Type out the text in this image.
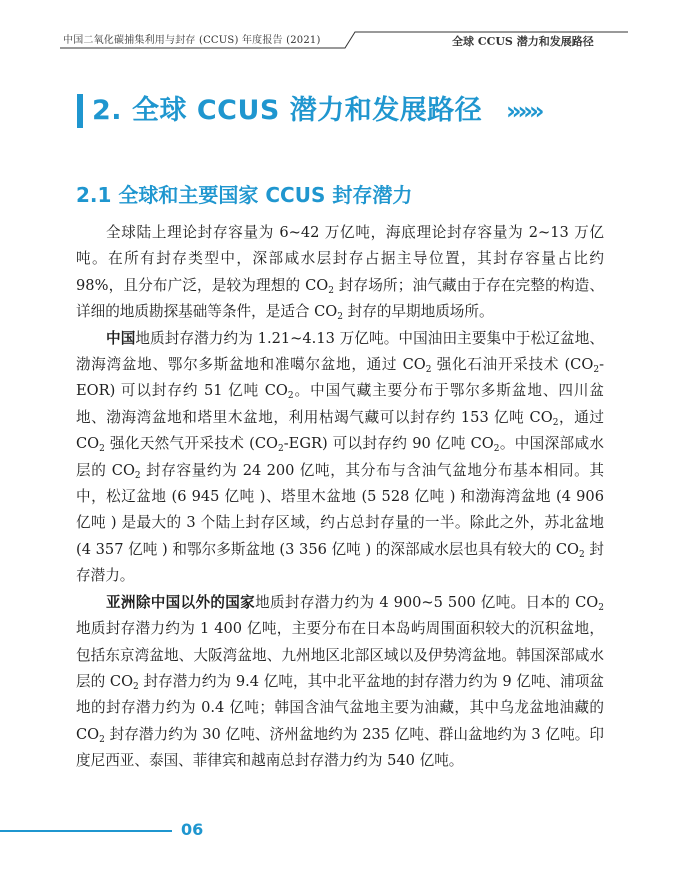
中国二氧化碳捕集利用与封存 (CCUS) 年度报告 (2021)	全球 CCUS 潜力和发展路径
2. 全球 CCUS 潜力和发展路径 »»»
2.1 全球和主要国家 CCUS 封存潜力

全球陆上理论封存容量为 6~42 万亿吨，海底理论封存容量为 2~13 万亿吨。在所有封存类型中，深部咸水层封存占据主导位置，其封存容量占比约 98%，且分布广泛，是较为理想的 $CO_2$ 封存场所；油气藏由于存在完整的构造、详细的地质勘探基础等条件，是适合 $CO_2$ 封存的早期地质场所。

中国地质封存潜力约为 1.21~4.13 万亿吨。中国油田主要集中于松辽盆地、渤海湾盆地、鄂尔多斯盆地和准噶尔盆地，通过 $CO_2$ 强化石油开采技术 $(CO_2-EOR)$ 可以封存约 51 亿吨 $CO_2$。中国气藏主要分布于鄂尔多斯盆地、四川盆地、渤海湾盆地和塔里木盆地，利用枯竭气藏可以封存约 153 亿吨 $CO_2$，通过 $CO_2$ 强化天然气开采技术 $(CO_2-EGR)$ 可以封存约 90 亿吨 $CO_2$。中国深部咸水层的 $CO_2$ 封存容量约为 24 200 亿吨，其分布与含油气盆地分布基本相同。其中，松辽盆地 (6 945 亿吨 )、塔里木盆地 (5 528 亿吨 ) 和渤海湾盆地 (4 906 亿吨 ) 是最大的 3 个陆上封存区域，约占总封存量的一半。除此之外，苏北盆地 (4 357 亿吨 ) 和鄂尔多斯盆地 (3 356 亿吨 ) 的深部咸水层也具有较大的 $CO_2$ 封存潜力。

亚洲除中国以外的国家地质封存潜力约为 4 900~5 500 亿吨。日本的 $CO_2$ 地质封存潜力约为 1 400 亿吨，主要分布在日本岛屿周围面积较大的沉积盆地，包括东京湾盆地、大阪湾盆地、九州地区北部区域以及伊势湾盆地。韩国深部咸水层的 $CO_2$ 封存潜力约为 9.4 亿吨，其中北平盆地的封存潜力约为 9 亿吨、浦项盆地的封存潜力约为 0.4 亿吨；韩国含油气盆地主要为油藏，其中乌龙盆地油藏的 $CO_2$ 封存潜力约为 30 亿吨、济州盆地约为 235 亿吨、群山盆地约为 3 亿吨。印度尼西亚、泰国、菲律宾和越南总封存潜力约为 540 亿吨。

06
